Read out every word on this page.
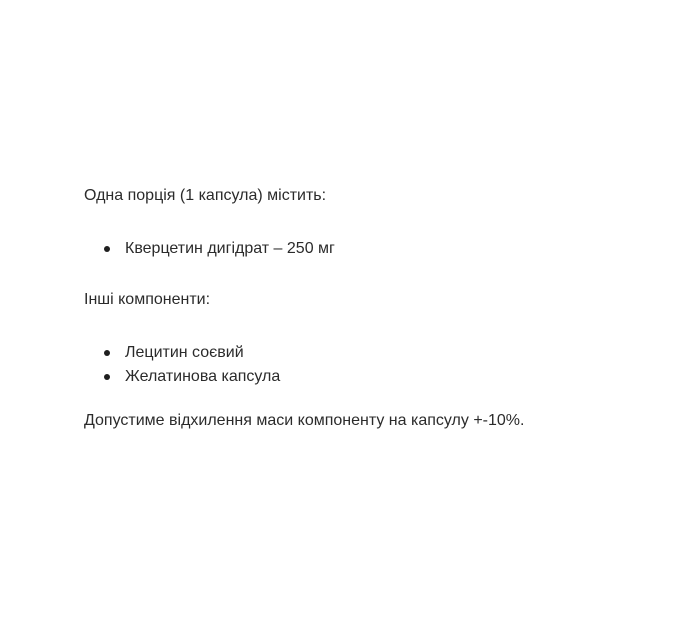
Одна порція (1 капсула) містить:

Кверцетин дигідрат – 250 мг

Інші компоненти:

Лецитин соєвий
Желатинова капсула

Допустиме відхилення маси компоненту на капсулу +-10%.
